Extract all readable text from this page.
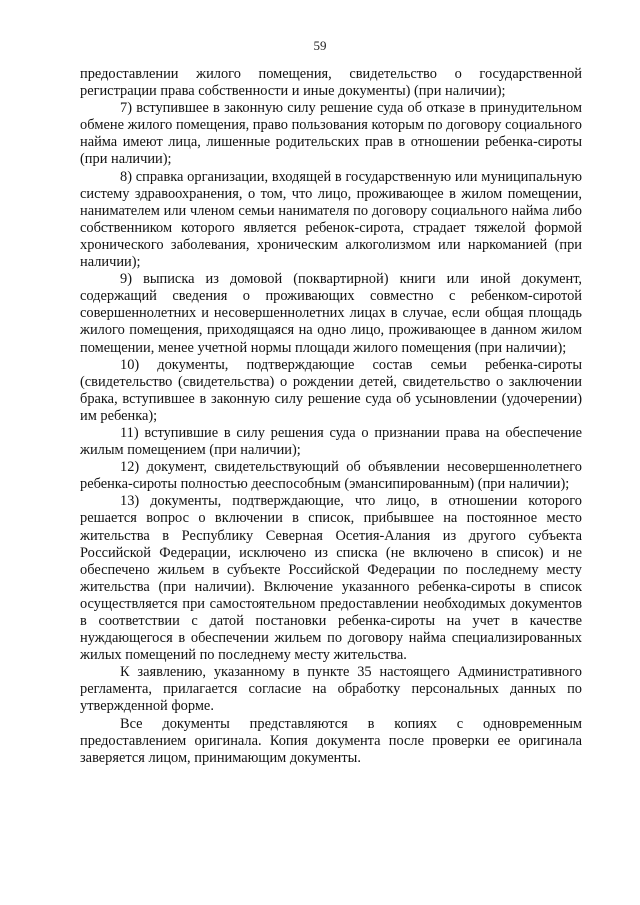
59

предоставлении жилого помещения, свидетельство о государственной регистрации права собственности и иные документы) (при наличии);

7) вступившее в законную силу решение суда об отказе в принудительном обмене жилого помещения, право пользования которым по договору социального найма имеют лица, лишенные родительских прав в отношении ребенка-сироты (при наличии);

8) справка организации, входящей в государственную или муниципальную систему здравоохранения, о том, что лицо, проживающее в жилом помещении, нанимателем или членом семьи нанимателя по договору социального найма либо собственником которого является ребенок-сирота, страдает тяжелой формой хронического заболевания, хроническим алкоголизмом или наркоманией (при наличии);

9) выписка из домовой (поквартирной) книги или иной документ, содержащий сведения о проживающих совместно с ребенком-сиротой совершеннолетних и несовершеннолетних лицах в случае, если общая площадь жилого помещения, приходящаяся на одно лицо, проживающее в данном жилом помещении, менее учетной нормы площади жилого помещения (при наличии);

10) документы, подтверждающие состав семьи ребенка-сироты (свидетельство (свидетельства) о рождении детей, свидетельство о заключении брака, вступившее в законную силу решение суда об усыновлении (удочерении) им ребенка);

11) вступившие в силу решения суда о признании права на обеспечение жилым помещением (при наличии);

12) документ, свидетельствующий об объявлении несовершеннолетнего ребенка-сироты полностью дееспособным (эмансипированным) (при наличии);

13) документы, подтверждающие, что лицо, в отношении которого решается вопрос о включении в список, прибывшее на постоянное место жительства в Республику Северная Осетия-Алания из другого субъекта Российской Федерации, исключено из списка (не включено в список) и не обеспечено жильем в субъекте Российской Федерации по последнему месту жительства (при наличии). Включение указанного ребенка-сироты в список осуществляется при самостоятельном предоставлении необходимых документов в соответствии с датой постановки ребенка-сироты на учет в качестве нуждающегося в обеспечении жильем по договору найма специализированных жилых помещений по последнему месту жительства.

К заявлению, указанному в пункте 35 настоящего Административного регламента, прилагается согласие на обработку персональных данных по утвержденной форме.

Все документы представляются в копиях с одновременным предоставлением оригинала. Копия документа после проверки ее оригинала заверяется лицом, принимающим документы.
